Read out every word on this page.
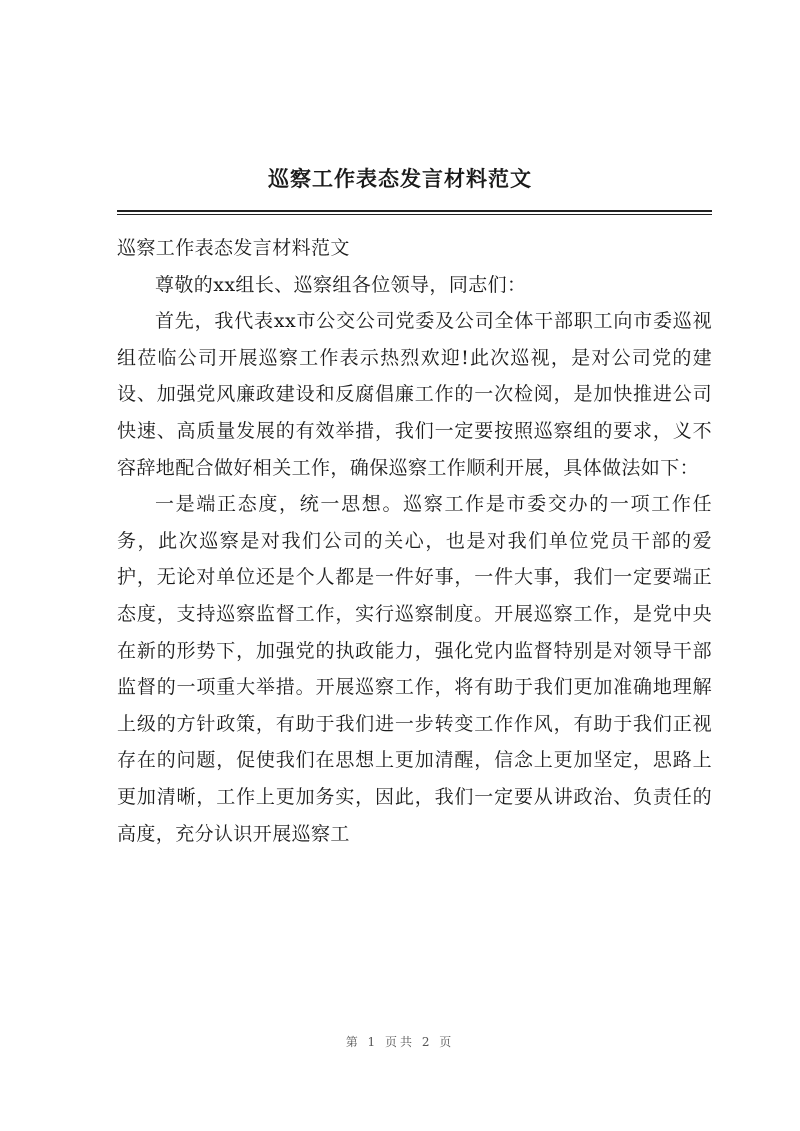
巡察工作表态发言材料范文

巡察工作表态发言材料范文

尊敬的xx组长、巡察组各位领导，同志们：

首先，我代表xx市公交公司党委及公司全体干部职工向市委巡视组莅临公司开展巡察工作表示热烈欢迎!此次巡视，是对公司党的建设、加强党风廉政建设和反腐倡廉工作的一次检阅，是加快推进公司快速、高质量发展的有效举措，我们一定要按照巡察组的要求，义不容辞地配合做好相关工作，确保巡察工作顺利开展，具体做法如下：

一是端正态度，统一思想。巡察工作是市委交办的一项工作任务，此次巡察是对我们公司的关心，也是对我们单位党员干部的爱护，无论对单位还是个人都是一件好事，一件大事，我们一定要端正态度，支持巡察监督工作，实行巡察制度。开展巡察工作，是党中央在新的形势下，加强党的执政能力，强化党内监督特别是对领导干部监督的一项重大举措。开展巡察工作，将有助于我们更加准确地理解上级的方针政策，有助于我们进一步转变工作作风，有助于我们正视存在的问题，促使我们在思想上更加清醒，信念上更加坚定，思路上更加清晰，工作上更加务实，因此，我们一定要从讲政治、负责任的高度，充分认识开展巡察工

第 1 页共 2 页
